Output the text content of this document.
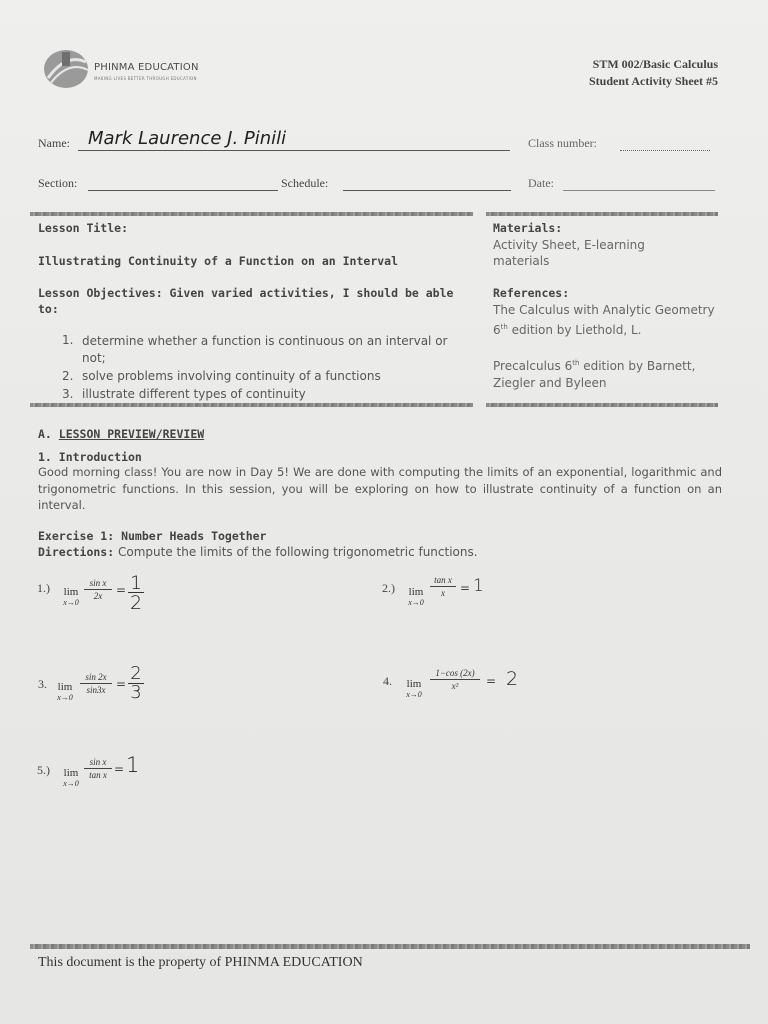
PHINMA EDUCATION
MAKING LIVES BETTER THROUGH EDUCATION
STM 002/Basic Calculus
Student Activity Sheet #5
Name: Mark Laurence J. Pinili	Class number:
Section:	Schedule:	Date:
Lesson Title:
Illustrating Continuity of a Function on an Interval
Lesson Objectives: Given varied activities, I should be able to:
1. determine whether a function is continuous on an interval or not;
2. solve problems involving continuity of a functions
3. illustrate different types of continuity
Materials:
Activity Sheet, E-learning materials
References:
The Calculus with Analytic Geometry 6th edition by Liethold, L.
Precalculus 6th edition by Barnett, Ziegler and Byleen
A. LESSON PREVIEW/REVIEW
1. Introduction
Good morning class! You are now in Day 5! We are done with computing the limits of an exponential, logarithmic and trigonometric functions. In this session, you will be exploring on how to illustrate continuity of a function on an interval.
Exercise 1: Number Heads Together
Directions: Compute the limits of the following trigonometric functions.
1.)	lim
x→0
sin x
2x	= 1
2
2.)	lim
x→0
tan x
x	= 1
3. lim
x→0
sin 2x
sin3x = 2
3
4.	lim
x→0
1−cos (2x)
x²	= 2
5.)	lim
x→0
sin x
tan x = 1
This document is the property of PHINMA EDUCATION
